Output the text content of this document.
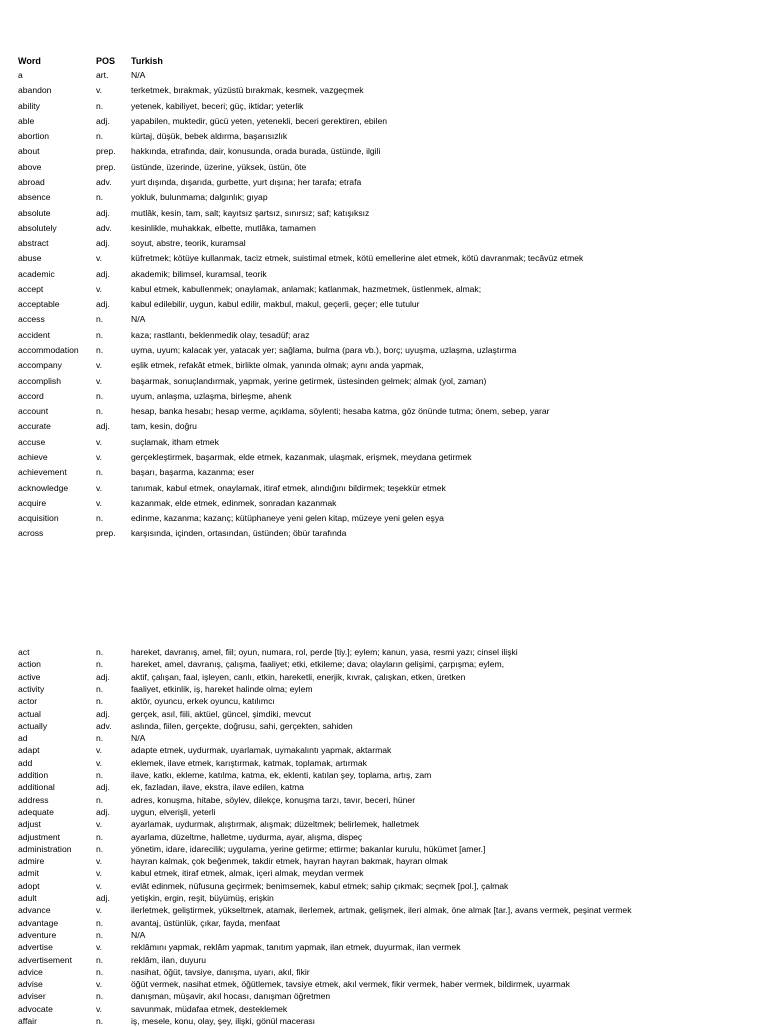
Word	POS Turkish
a	art.	N/A
abandon	v.	terketmek, bırakmak, yüzüstü bırakmak, kesmek, vazgeçmek
ability	n.	yetenek, kabiliyet, beceri; güç, iktidar; yeterlik
able	adj. yapabilen, muktedir, gücü yeten, yetenekli, beceri gerektiren, ebilen
abortion	n.	kürtaj, düşük, bebek aldırma, başarısızlık
about	prep. hakkında, etrafında, dair, konusunda, orada burada, üstünde, ilgili
above	prep. üstünde, üzerinde, üzerine, yüksek, üstün, öte
abroad	adv. yurt dışında, dışarıda, gurbette, yurt dışına; her tarafa; etrafa
absence	n.	yokluk, bulunmama; dalgınlık; gıyap
absolute	adj. mutlâk, kesin, tam, salt; kayıtsız şartsız, sınırsız; saf; katışıksız
absolutely	adv. kesinlikle, muhakkak, elbette, mutlâka, tamamen
abstract	adj. soyut, abstre, teorik, kuramsal
abuse	v.	küfretmek; kötüye kullanmak, taciz etmek, suistimal etmek, kötü emellerine alet etmek, kötü davranmak; tecâvüz etmek
academic	adj. akademik; bilimsel, kuramsal, teorik
accept	v.	kabul etmek, kabullenmek; onaylamak, anlamak; katlanmak, hazmetmek, üstlenmek, almak;
acceptable	adj. kabul edilebilir, uygun, kabul edilir, makbul, makul, geçerli, geçer; elle tutulur
access	n.	N/A
accident	n.	kaza; rastlantı, beklenmedik olay, tesadüf; araz
accommodation n.	uyma, uyum; kalacak yer, yatacak yer; sağlama, bulma (para vb.), borç; uyuşma, uzlaşma, uzlaştırma
accompany	v.	eşlik etmek, refakât etmek, birlikte olmak, yanında olmak; aynı anda yapmak,
accomplish	v.	başarmak, sonuçlandırmak, yapmak, yerine getirmek, üstesinden gelmek; almak (yol, zaman)
accord	n.	uyum, anlaşma, uzlaşma, birleşme, ahenk
account	n.	hesap, banka hesabı; hesap verme, açıklama, söylenti; hesaba katma, göz önünde tutma; önem, sebep, yarar
accurate	adj. tam, kesin, doğru
accuse	v.	suçlamak, itham etmek
achieve	v.	gerçekleştirmek, başarmak, elde etmek, kazanmak, ulaşmak, erişmek, meydana getirmek
achievement	n.	başarı, başarma, kazanma; eser
acknowledge	v.	tanımak, kabul etmek, onaylamak, itiraf etmek, alındığını bildirmek; teşekkür etmek
acquire	v.	kazanmak, elde etmek, edinmek, sonradan kazanmak
acquisition	n.	edinme, kazanma; kazanç; kütüphaneye yeni gelen kitap, müzeye yeni gelen eşya
across	prep. karşısında, içinden, ortasından, üstünden; öbür tarafında
act	n.	hareket, davranış, amel, fiil; oyun, numara, rol, perde [tiy.]; eylem; kanun, yasa, resmi yazı; cinsel ilişki
action	n.	hareket, amel, davranış, çalışma, faaliyet; etki, etkileme; dava; olayların gelişimi, çarpışma; eylem,
active	adj. aktif, çalışan, faal, işleyen, canlı, etkin, hareketli, enerjik, kıvrak, çalışkan, etken, üretken
activity	n.	faaliyet, etkinlik, iş, hareket halinde olma; eylem
actor	n.	aktör, oyuncu, erkek oyuncu, katılımcı
actual	adj. gerçek, asıl, fiili, aktüel, güncel, şimdiki, mevcut
actually	adv. aslında, fiilen, gerçekte, doğrusu, sahi, gerçekten, sahiden
ad	n.	N/A
adapt	v.	adapte etmek, uydurmak, uyarlamak, uymakalıntı yapmak, aktarmak
add	v.	eklemek, ilave etmek, karıştırmak, katmak, toplamak, artırmak
addition	n.	ilave, katkı, ekleme, katılma, katma, ek, eklenti, katılan şey, toplama, artış, zam
additional	adj. ek, fazladan, ilave, ekstra, ilave edilen, katma
address	n.	adres, konuşma, hitabe, söylev, dilekçe, konuşma tarzı, tavır, beceri, hüner
adequate	adj. uygun, elverişli, yeterli
adjust	v.	ayarlamak, uydurmak, alıştırmak, alışmak; düzeltmek; belirlemek, halletmek
adjustment	n.	ayarlama, düzeltme, halletme, uydurma, ayar, alışma, dispeç
administration	n.	yönetim, idare, idarecilik; uygulama, yerine getirme; ettirme; bakanlar kurulu, hükümet [amer.]
admire	v.	hayran kalmak, çok beğenmek, takdir etmek, hayran hayran bakmak, hayran olmak
admit	v.	kabul etmek, itiraf etmek, almak, içeri almak, meydan vermek
adopt	v.	evlât edinmek, nüfusuna geçirmek; benimsemek, kabul etmek; sahip çıkmak; seçmek [pol.], çalmak
adult	adj. yetişkin, ergin, reşit, büyümüş, erişkin
advance	v.	ilerletmek, geliştirmek, yükseltmek, atamak, ilerlemek, artmak, gelişmek, ileri almak, öne almak [tar.], avans vermek, peşinat vermek
advantage	n.	avantaj, üstünlük, çıkar, fayda, menfaat
adventure	n.	N/A
advertise	v.	reklâmını yapmak, reklâm yapmak, tanıtım yapmak, ilan etmek, duyurmak, ilan vermek
advertisement	n.	reklâm, ilan, duyuru
advice	n.	nasihat, öğüt, tavsiye, danışma, uyarı, akıl, fikir
advise	v.	öğüt vermek, nasihat etmek, öğütlemek, tavsiye etmek, akıl vermek, fikir vermek, haber vermek, bildirmek, uyarmak
adviser	n.	danışman, müşavir, akıl hocası, danışman öğretmen
advocate	v.	savunmak, müdafaa etmek, desteklemek
affair	n.	iş, mesele, konu, olay, şey, ilişki, gönül macerası
